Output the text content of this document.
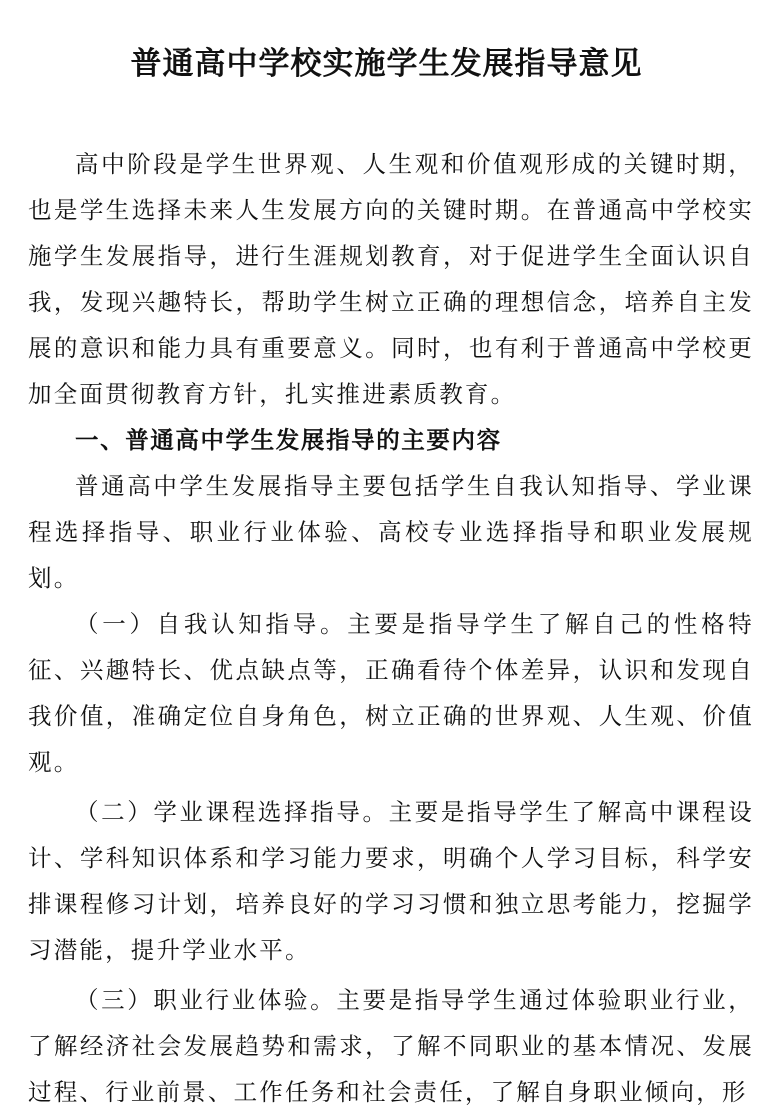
普通高中学校实施学生发展指导意见

高中阶段是学生世界观、人生观和价值观形成的关键时期，也是学生选择未来人生发展方向的关键时期。在普通高中学校实施学生发展指导，进行生涯规划教育，对于促进学生全面认识自我，发现兴趣特长，帮助学生树立正确的理想信念，培养自主发展的意识和能力具有重要意义。同时，也有利于普通高中学校更加全面贯彻教育方针，扎实推进素质教育。

一、普通高中学生发展指导的主要内容

普通高中学生发展指导主要包括学生自我认知指导、学业课程选择指导、职业行业体验、高校专业选择指导和职业发展规划。

（一）自我认知指导。主要是指导学生了解自己的性格特征、兴趣特长、优点缺点等，正确看待个体差异，认识和发现自我价值，准确定位自身角色，树立正确的世界观、人生观、价值观。

（二）学业课程选择指导。主要是指导学生了解高中课程设计、学科知识体系和学习能力要求，明确个人学习目标，科学安排课程修习计划，培养良好的学习习惯和独立思考能力，挖掘学习潜能，提升学业水平。

（三）职业行业体验。主要是指导学生通过体验职业行业，了解经济社会发展趋势和需求，了解不同职业的基本情况、发展过程、行业前景、工作任务和社会责任，了解自身职业倾向，形
